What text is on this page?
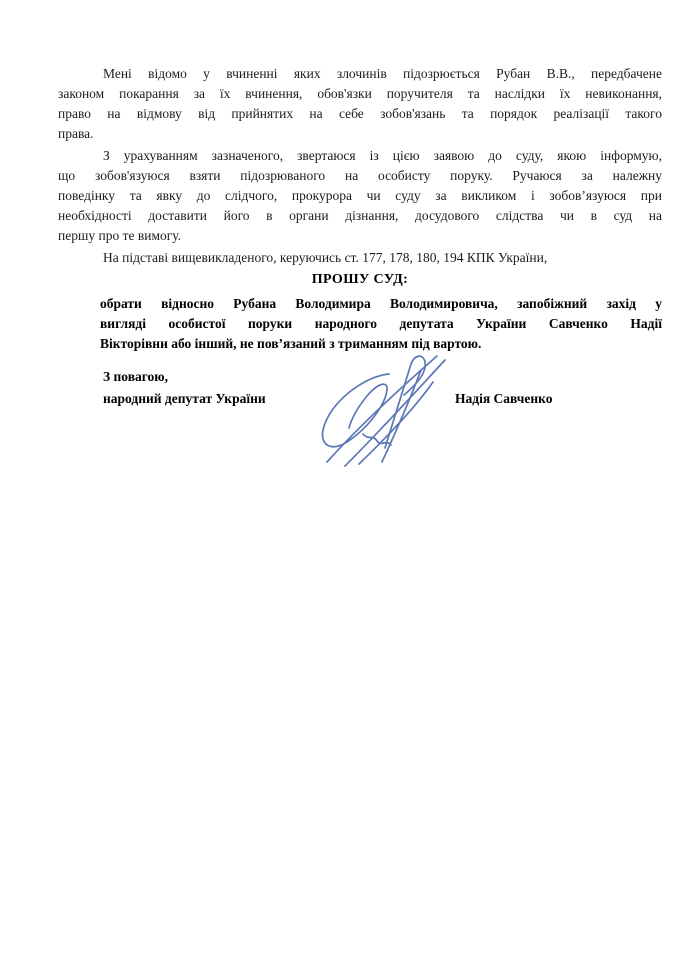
Мені відомо у вчиненні яких злочинів підозрюється Рубан В.В., передбачене
законом покарання за їх вчинення, обов'язки поручителя та наслідки їх невиконання,
право на відмову від прийнятих на себе зобов'язань та порядок реалізації такого
права.
З урахуванням зазначеного, звертаюся із цією заявою до суду, якою інформую,
що зобов'язуюся взяти підозрюваного на особисту поруку. Ручаюся за належну
поведінку та явку до слідчого, прокурора чи суду за викликом і зобов’язуюся при
необхідності доставити його в органи дізнання, досудового слідства чи в суд на
першу про те вимогу.
На підставі вищевикладеного, керуючись ст. 177, 178, 180, 194 КПК України,
ПРОШУ СУД:
обрати відносно Рубана Володимира Володимировича, запобіжний захід у
вигляді особистої поруки народного депутата України Савченко Надії
Вікторівни або інший, не пов’язаний з триманням під вартою.
З повагою,
народний депутат України	Надія Савченко
